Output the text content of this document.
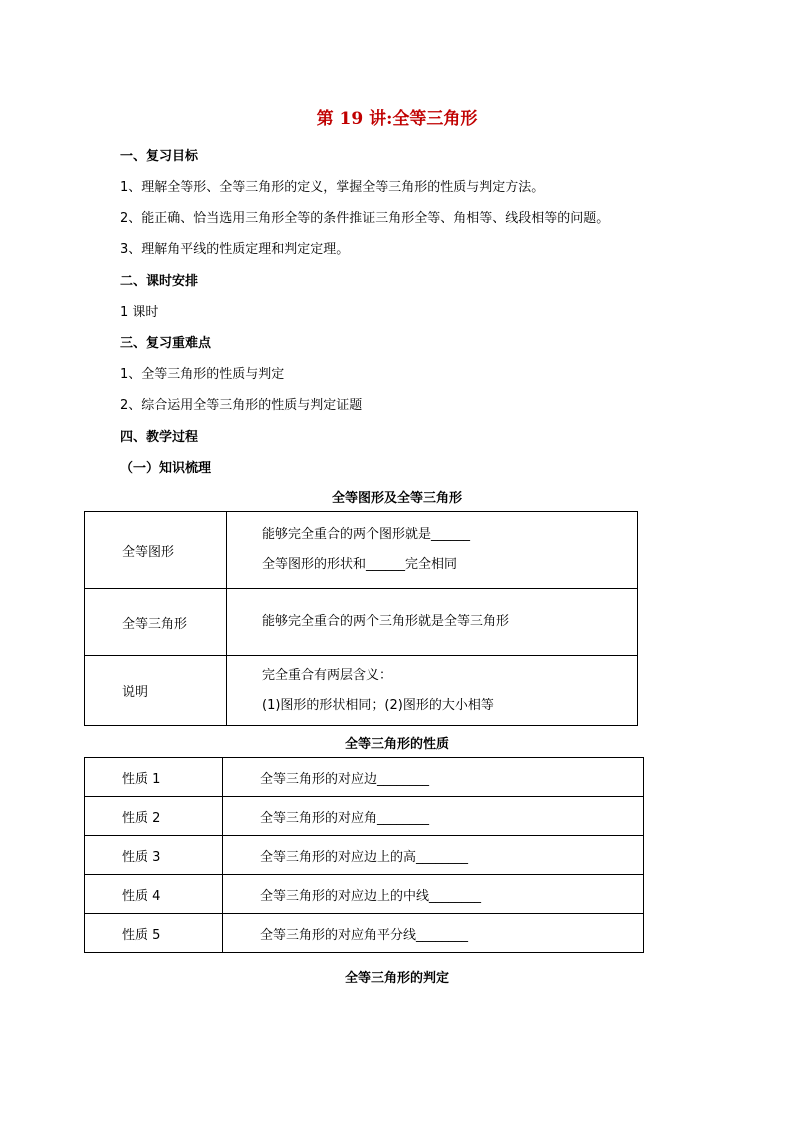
第 19 讲:全等三角形
一、复习目标
1、理解全等形、全等三角形的定义，掌握全等三角形的性质与判定方法。
2、能正确、恰当选用三角形全等的条件推证三角形全等、角相等、线段相等的问题。
3、理解角平线的性质定理和判定定理。
二、课时安排
1 课时
三、复习重难点
1、全等三角形的性质与判定
2、综合运用全等三角形的性质与判定证题
四、教学过程
（一）知识梳理
全等图形及全等三角形
全等图形	能够完全重合的两个图形就是______
全等图形的形状和______完全相同

全等三角形	能够完全重合的两个三角形就是全等三角形

说明	完全重合有两层含义：
(1)图形的形状相同；(2)图形的大小相等
全等三角形的性质
性质 1	全等三角形的对应边________
性质 2	全等三角形的对应角________
性质 3	全等三角形的对应边上的高________
性质 4	全等三角形的对应边上的中线________
性质 5	全等三角形的对应角平分线________
全等三角形的判定
